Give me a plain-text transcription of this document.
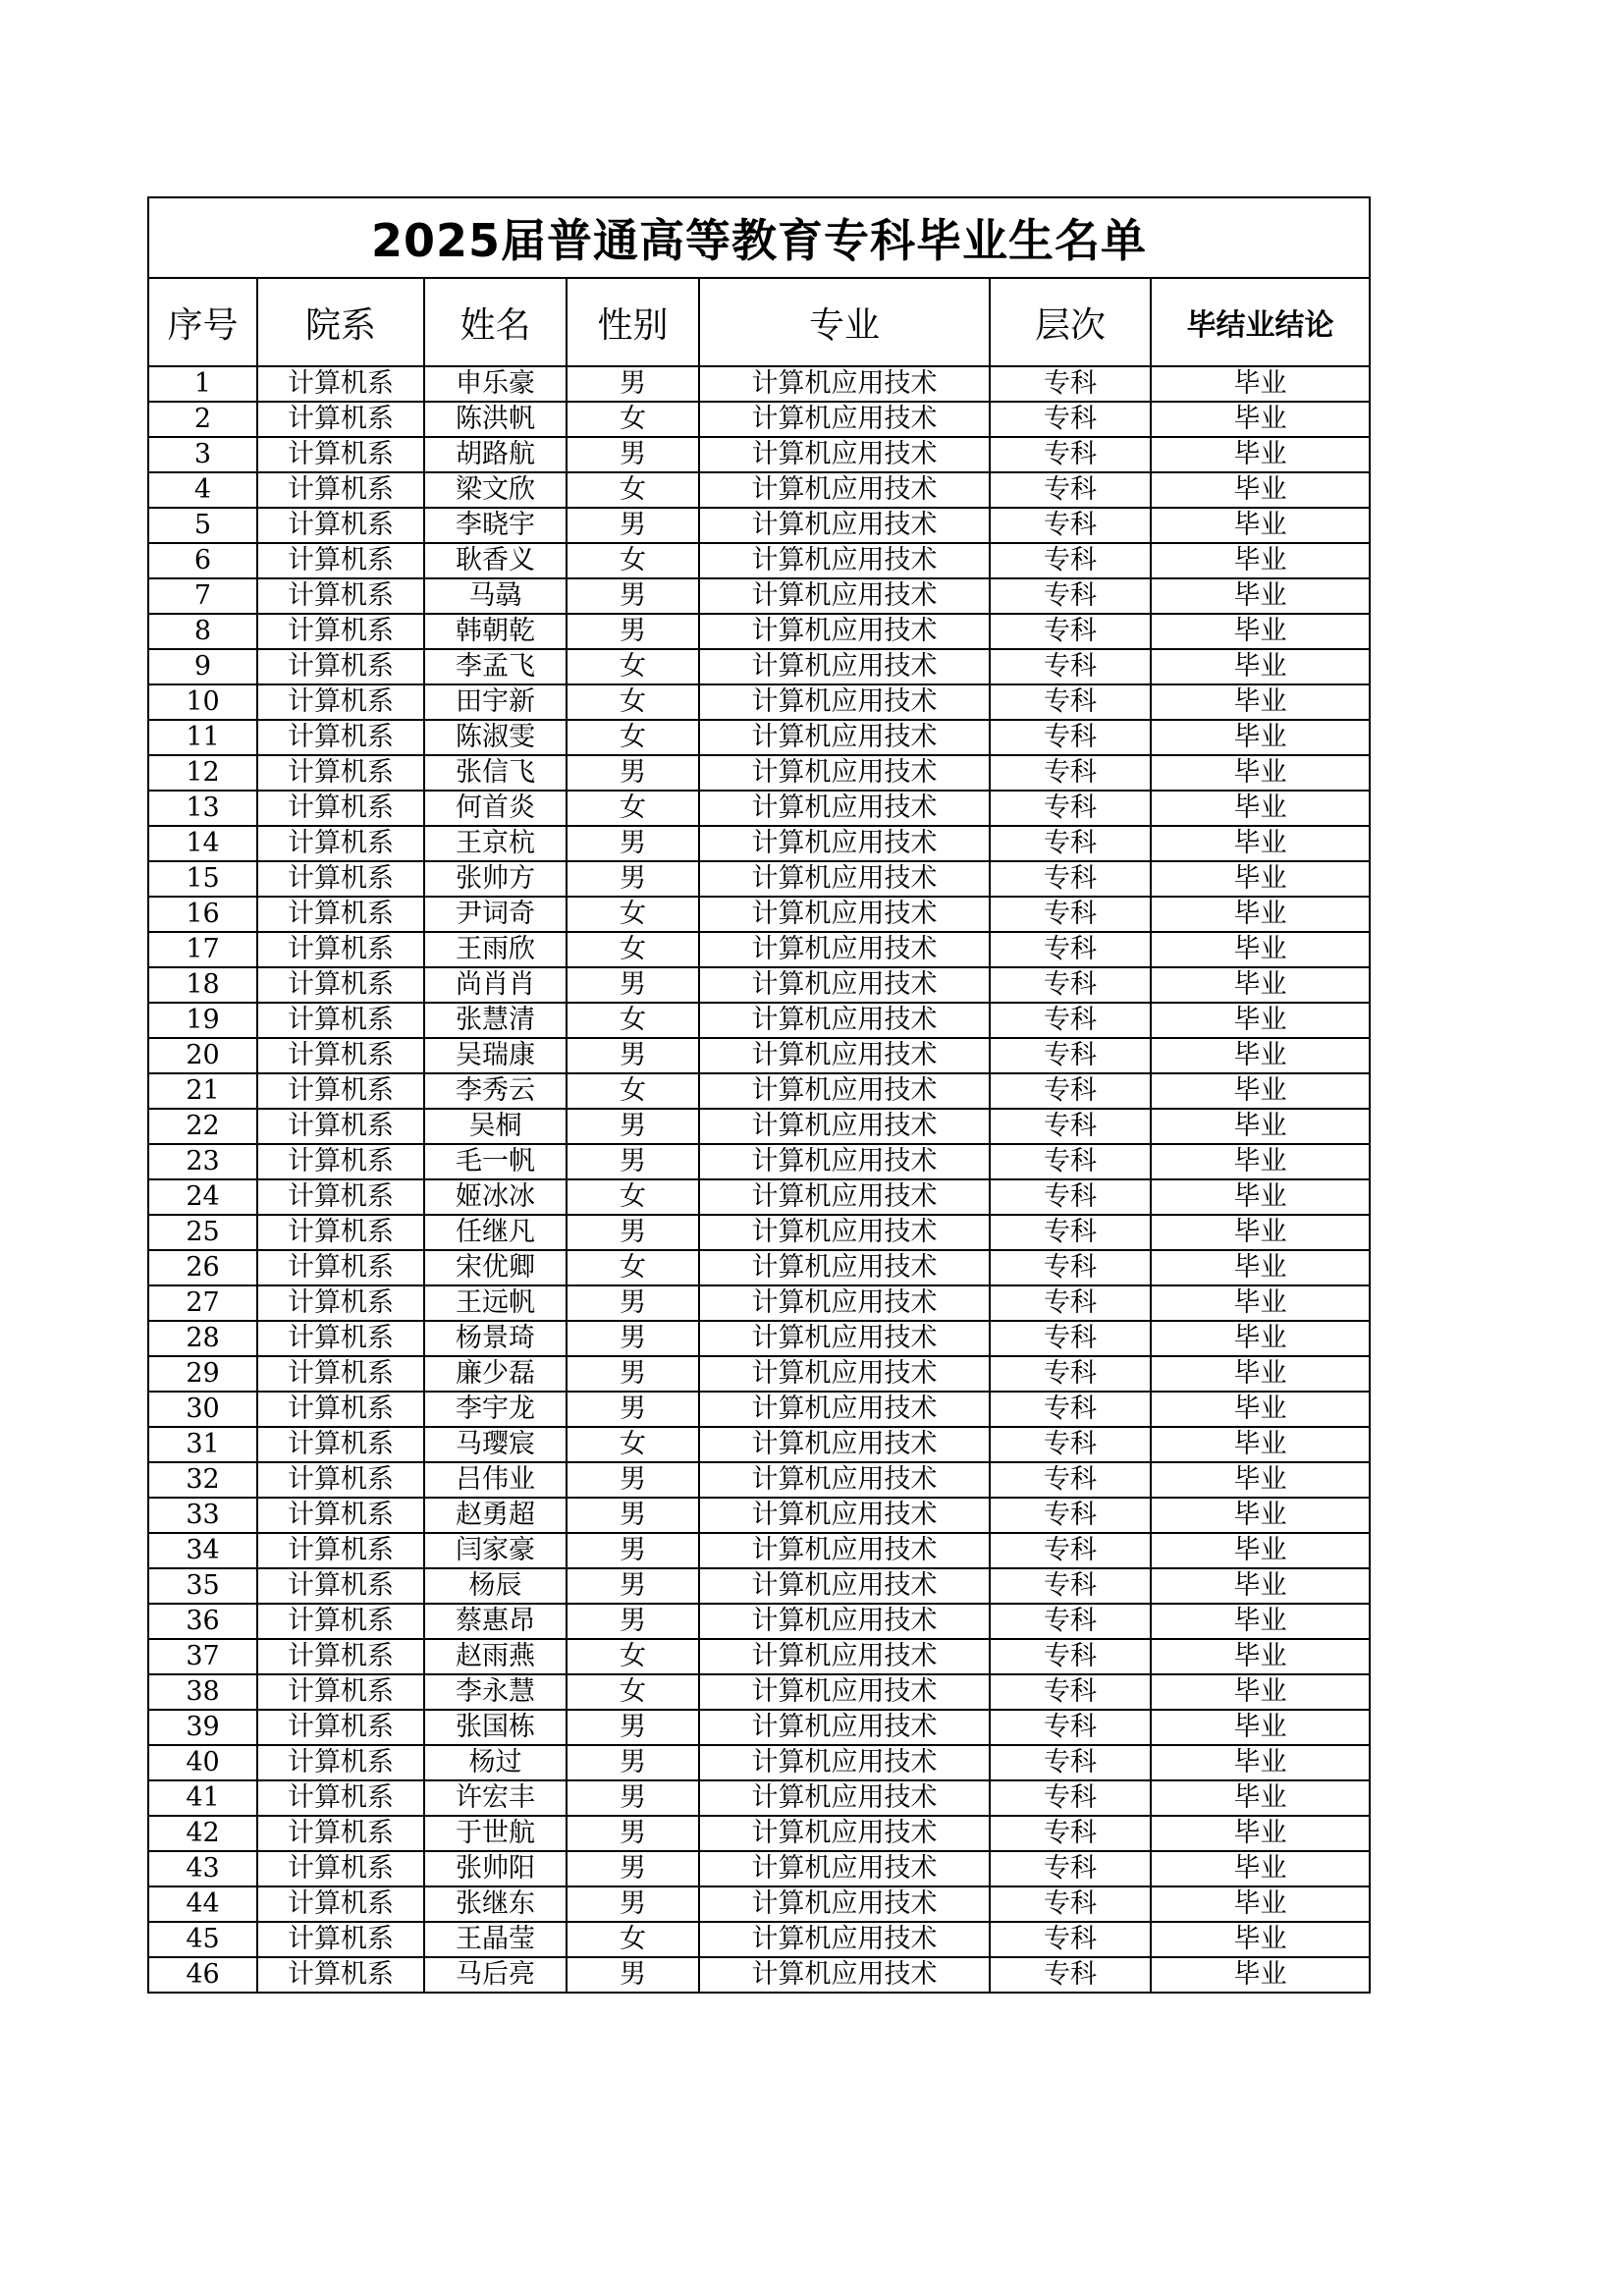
2025届普通高等教育专科毕业生名单						
序号	院系	姓名	性别	专业	层次	毕结业结论
1	计算机系	申乐豪	男	计算机应用技术	专科	毕业
2	计算机系	陈洪帆	女	计算机应用技术	专科	毕业
3	计算机系	胡路航	男	计算机应用技术	专科	毕业
4	计算机系	梁文欣	女	计算机应用技术	专科	毕业
5	计算机系	李晓宇	男	计算机应用技术	专科	毕业
6	计算机系	耿香义	女	计算机应用技术	专科	毕业
7	计算机系	马骉	男	计算机应用技术	专科	毕业
8	计算机系	韩朝乾	男	计算机应用技术	专科	毕业
9	计算机系	李孟飞	女	计算机应用技术	专科	毕业
10	计算机系	田宇新	女	计算机应用技术	专科	毕业
11	计算机系	陈淑雯	女	计算机应用技术	专科	毕业
12	计算机系	张信飞	男	计算机应用技术	专科	毕业
13	计算机系	何首炎	女	计算机应用技术	专科	毕业
14	计算机系	王京杭	男	计算机应用技术	专科	毕业
15	计算机系	张帅方	男	计算机应用技术	专科	毕业
16	计算机系	尹词奇	女	计算机应用技术	专科	毕业
17	计算机系	王雨欣	女	计算机应用技术	专科	毕业
18	计算机系	尚肖肖	男	计算机应用技术	专科	毕业
19	计算机系	张慧清	女	计算机应用技术	专科	毕业
20	计算机系	吴瑞康	男	计算机应用技术	专科	毕业
21	计算机系	李秀云	女	计算机应用技术	专科	毕业
22	计算机系	吴桐	男	计算机应用技术	专科	毕业
23	计算机系	毛一帆	男	计算机应用技术	专科	毕业
24	计算机系	姬冰冰	女	计算机应用技术	专科	毕业
25	计算机系	任继凡	男	计算机应用技术	专科	毕业
26	计算机系	宋优卿	女	计算机应用技术	专科	毕业
27	计算机系	王远帆	男	计算机应用技术	专科	毕业
28	计算机系	杨景琦	男	计算机应用技术	专科	毕业
29	计算机系	廉少磊	男	计算机应用技术	专科	毕业
30	计算机系	李宇龙	男	计算机应用技术	专科	毕业
31	计算机系	马璎宸	女	计算机应用技术	专科	毕业
32	计算机系	吕伟业	男	计算机应用技术	专科	毕业
33	计算机系	赵勇超	男	计算机应用技术	专科	毕业
34	计算机系	闫家豪	男	计算机应用技术	专科	毕业
35	计算机系	杨辰	男	计算机应用技术	专科	毕业
36	计算机系	蔡惠昂	男	计算机应用技术	专科	毕业
37	计算机系	赵雨燕	女	计算机应用技术	专科	毕业
38	计算机系	李永慧	女	计算机应用技术	专科	毕业
39	计算机系	张国栋	男	计算机应用技术	专科	毕业
40	计算机系	杨过	男	计算机应用技术	专科	毕业
41	计算机系	许宏丰	男	计算机应用技术	专科	毕业
42	计算机系	于世航	男	计算机应用技术	专科	毕业
43	计算机系	张帅阳	男	计算机应用技术	专科	毕业
44	计算机系	张继东	男	计算机应用技术	专科	毕业
45	计算机系	王晶莹	女	计算机应用技术	专科	毕业
46	计算机系	马后亮	男	计算机应用技术	专科	毕业
